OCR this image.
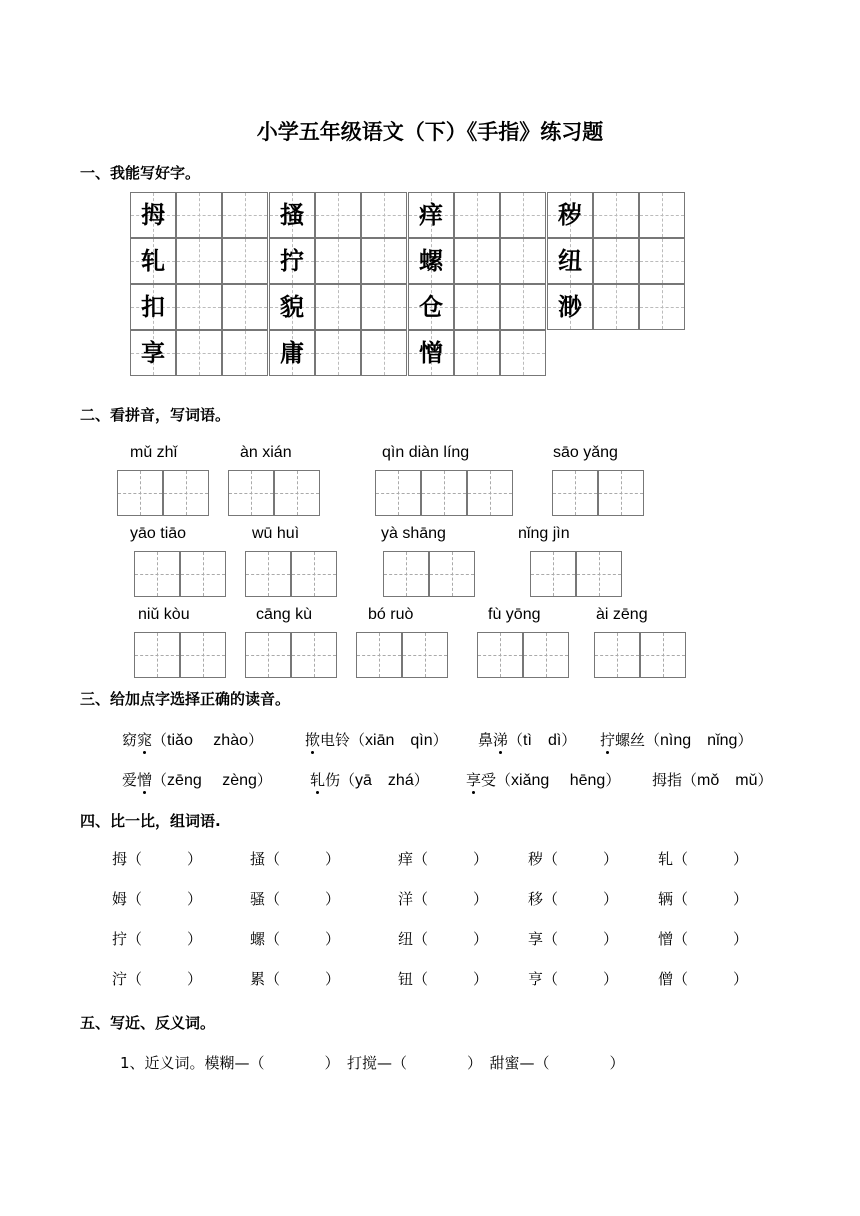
小学五年级语文（下）《手指》练习题
一、我能写好字。
拇	搔	痒	秽
轧	拧	螺	纽
扣	貌	仓	渺
享	庸	憎
二、看拼音，写词语。
mǔ zhǐ	àn xián	qìn diàn líng	sāo yǎng
yāo tiāo	wū huì	yà shāng	nǐng jìn
niǔ kòu	cāng kù	bó ruò	fù yōng	ài zēng
三、给加点字选择正确的读音。
窈窕（tiǎo　 zhào）	揿电铃（xiān　qìn） 鼻涕（tì　dì） 拧螺丝（nìng　nǐng）
爱憎（zēng　 zèng）	轧伤（yā　zhá） 享受（xiǎng　 hēng） 拇指（mǒ　mǔ）
四、比一比，组词语.
拇（　　　）	搔（　　　）	痒（　　　）	秽（　　　）	轧（　　　）
姆（　　　）	骚（　　　）	洋（　　　）	移（　　　）	辆（　　　）
拧（　　　）	螺（　　　）	纽（　　　）	享（　　　）	憎（　　　）
泞（　　　）	累（　　　）	钮（　　　）	亨（　　　）	僧（　　　）
五、写近、反义词。
1、近义词。模糊—（　　　　）　打搅—（　　　　）　甜蜜—（　　　　）
